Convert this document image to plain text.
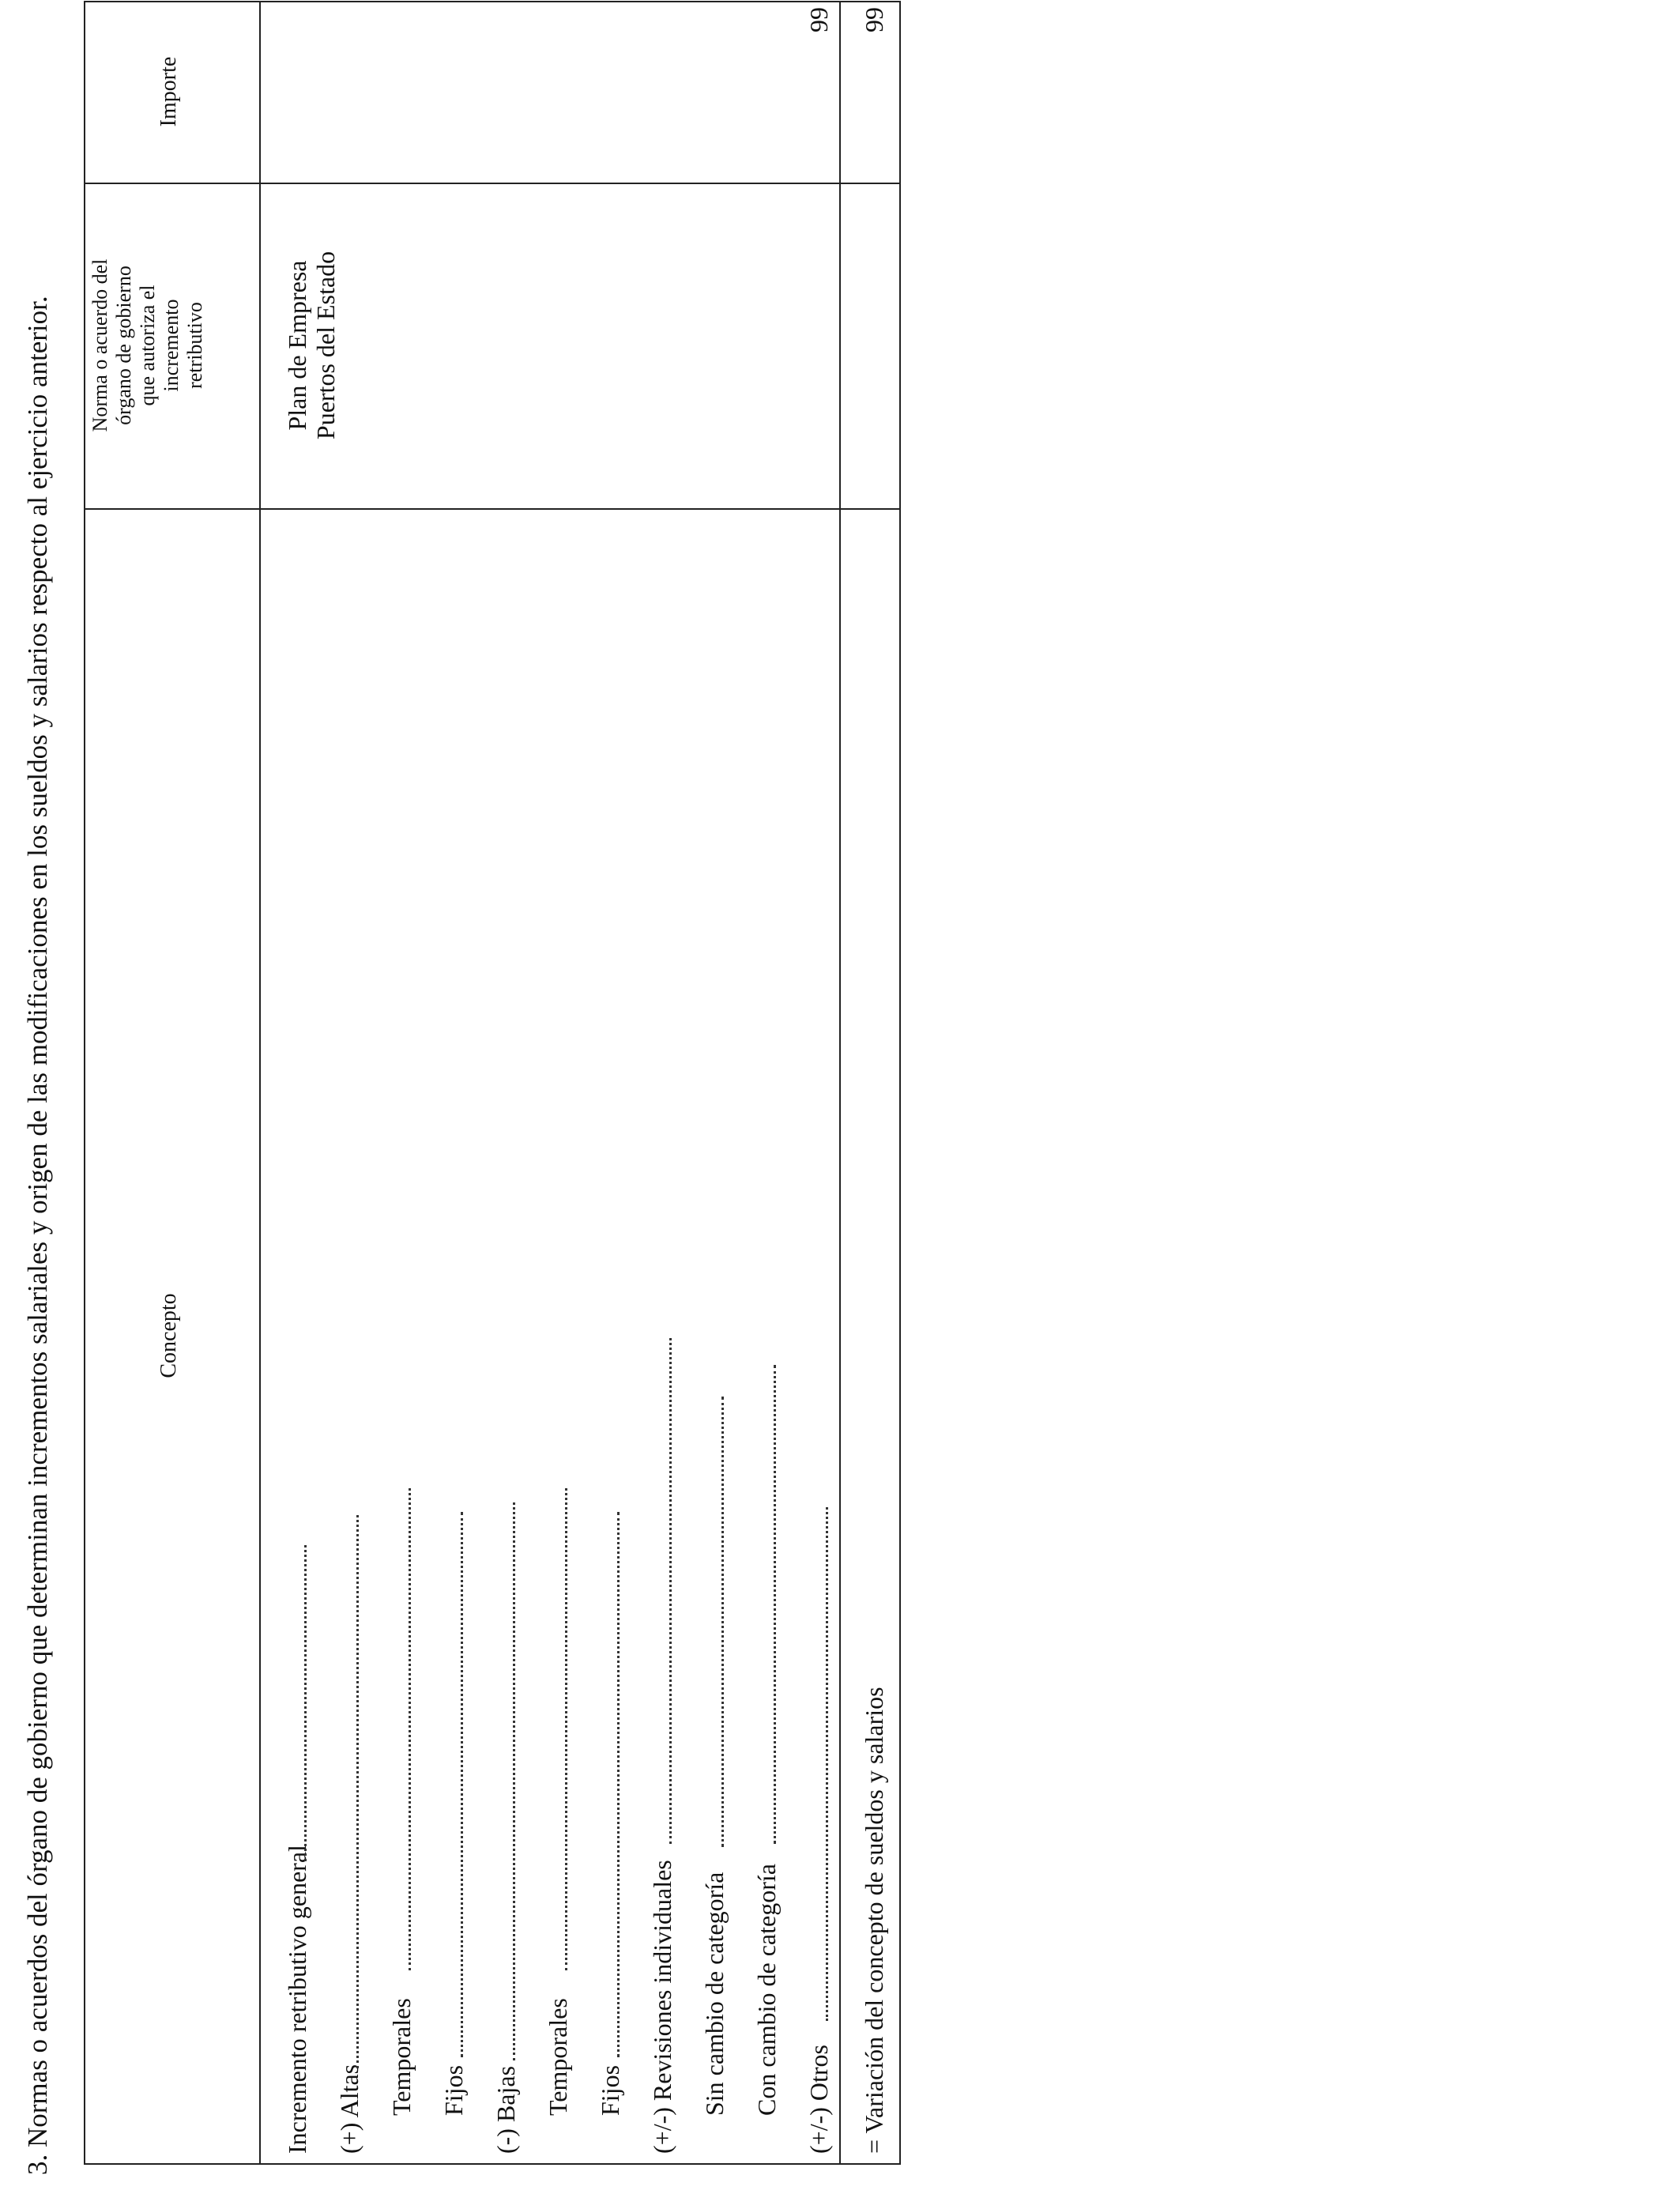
3. Normas o acuerdos del órgano de gobierno que determinan incrementos salariales y origen de las modificaciones en los sueldos y salarios respecto al ejercicio anterior.	Concepto
Norma o acuerdo del órgano de gobierno que autoriza el incremento retributivo
Importe
Plan de Empresa Puertos del Estado
Incremento retributivo general (+) Altas Temporales Fijos (-) Bajas Temporales Fijos (+/-) Revisiones individuales Sin cambio de categoría Con cambio de categoría (+/-) Otros
99
= Variación del concepto de sueldos y salarios
99
